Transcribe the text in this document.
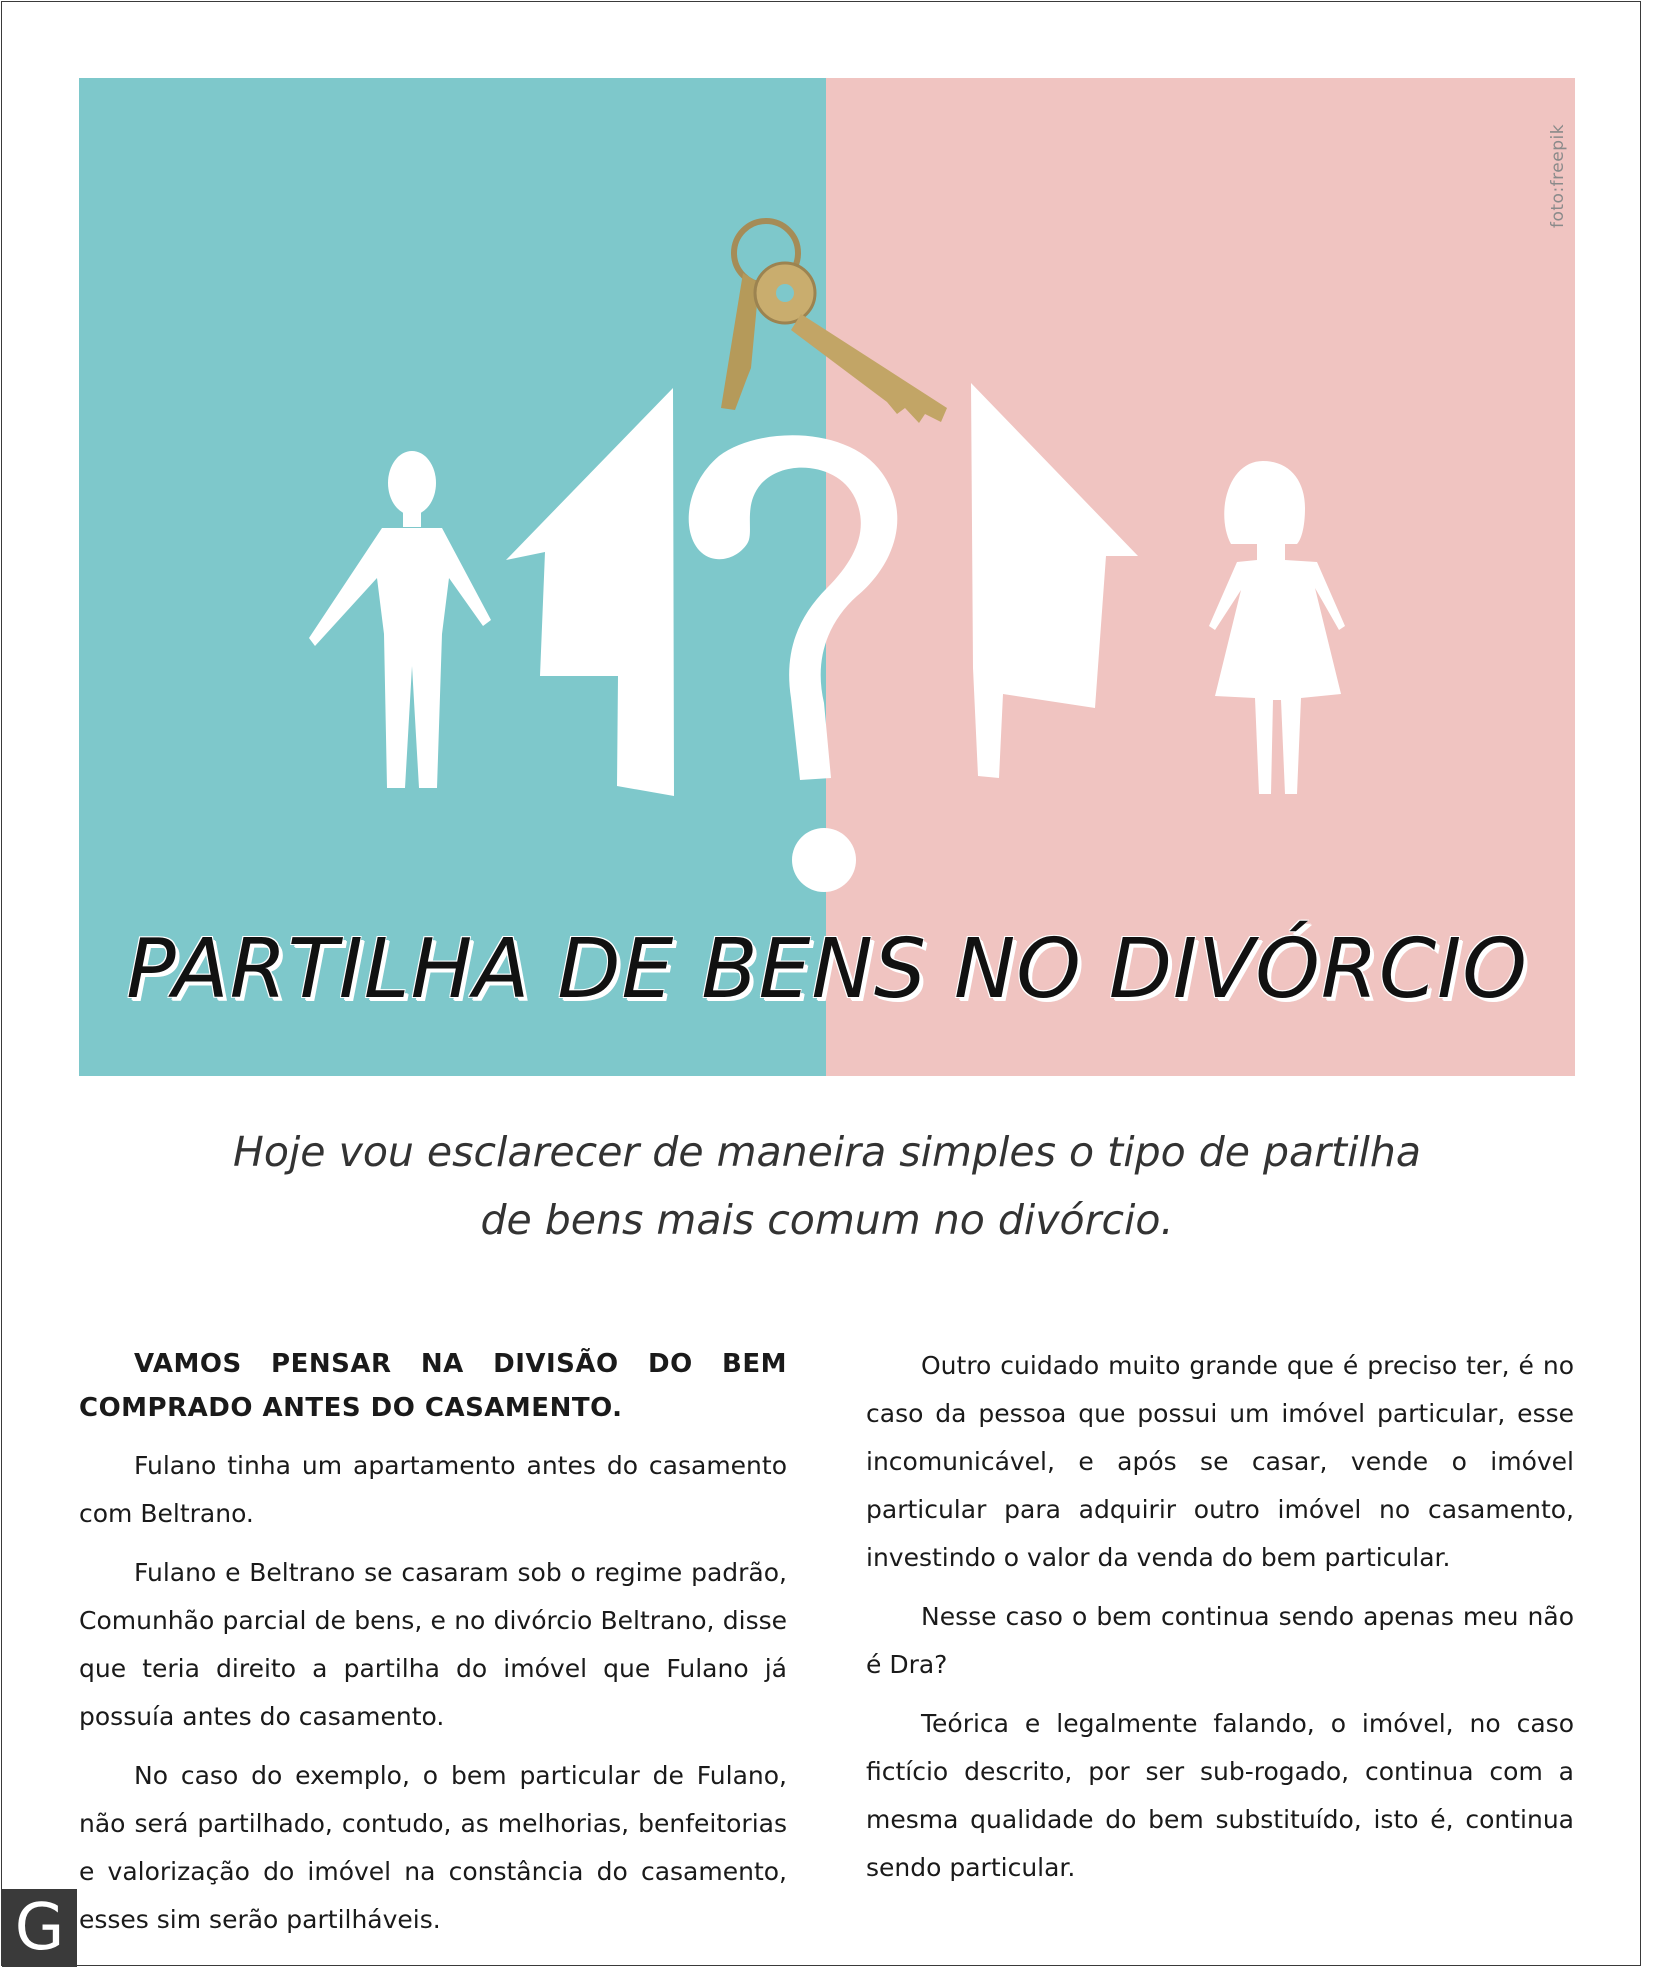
foto:freepik
PARTILHA DE BENS NO DIVÓRCIO
Hoje vou esclarecer de maneira simples o tipo de partilha
de bens mais comum no divórcio.
VAMOS PENSAR NA DIVISÃO DO BEM COMPRADO ANTES DO CASAMENTO.

Fulano tinha um apartamento antes do casamento com Beltrano.

Fulano e Beltrano se casaram sob o regime padrão, Comunhão parcial de bens, e no divórcio Beltrano, disse que teria direito a partilha do imóvel que Fulano já possuía antes do casamento.

No caso do exemplo, o bem particular de Fulano, não será partilhado, contudo, as melhorias, benfeitorias e valorização do imóvel na constância do casamento, esses sim serão partilháveis.

Outro cuidado muito grande que é preciso ter, é no caso da pessoa que possui um imóvel particular, esse incomunicável, e após se casar, vende o imóvel particular para adquirir outro imóvel no casamento, investindo o valor da venda do bem particular.

Nesse caso o bem continua sendo apenas meu não é Dra?

Teórica e legalmente falando, o imóvel, no caso fictício descrito, por ser sub-rogado, continua com a mesma qualidade do bem substituído, isto é, continua sendo particular.

G
